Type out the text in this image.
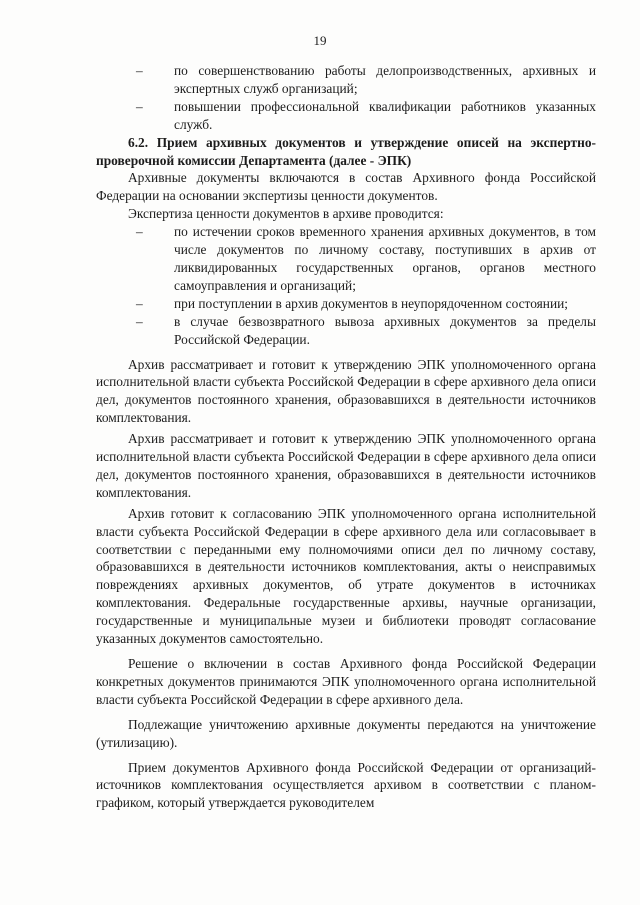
19

–	по совершенствованию работы делопроизводственных, архивных и экспертных служб организаций;

–	повышении профессиональной квалификации работников указанных служб.

6.2. Прием архивных документов и утверждение описей на экспертно-проверочной комиссии Департамента (далее - ЭПК)

Архивные документы включаются в состав Архивного фонда Российской Федерации на основании экспертизы ценности документов.

Экспертиза ценности документов в архиве проводится:

–	по истечении сроков временного хранения архивных документов, в том числе документов по личному составу, поступивших в архив от ликвидированных государственных органов, органов местного самоуправления и организаций;

–	при поступлении в архив документов в неупорядоченном состоянии;

–	в случае безвозвратного вывоза архивных документов за пределы Российской Федерации.

Архив рассматривает и готовит к утверждению ЭПК уполномоченного органа исполнительной власти субъекта Российской Федерации в сфере архивного дела описи дел, документов постоянного хранения, образовавшихся в деятельности источников комплектования.

Архив рассматривает и готовит к утверждению ЭПК уполномоченного органа исполнительной власти субъекта Российской Федерации в сфере архивного дела описи дел, документов постоянного хранения, образовавшихся в деятельности источников комплектования.

Архив готовит к согласованию ЭПК уполномоченного органа исполнительной власти субъекта Российской Федерации в сфере архивного дела или согласовывает в соответствии с переданными ему полномочиями описи дел по личному составу, образовавшихся в деятельности источников комплектования, акты о неисправимых повреждениях архивных документов, об утрате документов в источниках комплектования. Федеральные государственные архивы, научные организации, государственные и муниципальные музеи и библиотеки проводят согласование указанных документов самостоятельно.

Решение о включении в состав Архивного фонда Российской Федерации конкретных документов принимаются ЭПК уполномоченного органа исполнительной власти субъекта Российской Федерации в сфере архивного дела.

Подлежащие уничтожению архивные документы передаются на уничтожение (утилизацию).

Прием документов Архивного фонда Российской Федерации от организаций-источников комплектования осуществляется архивом в соответствии с планом-графиком, который утверждается руководителем
